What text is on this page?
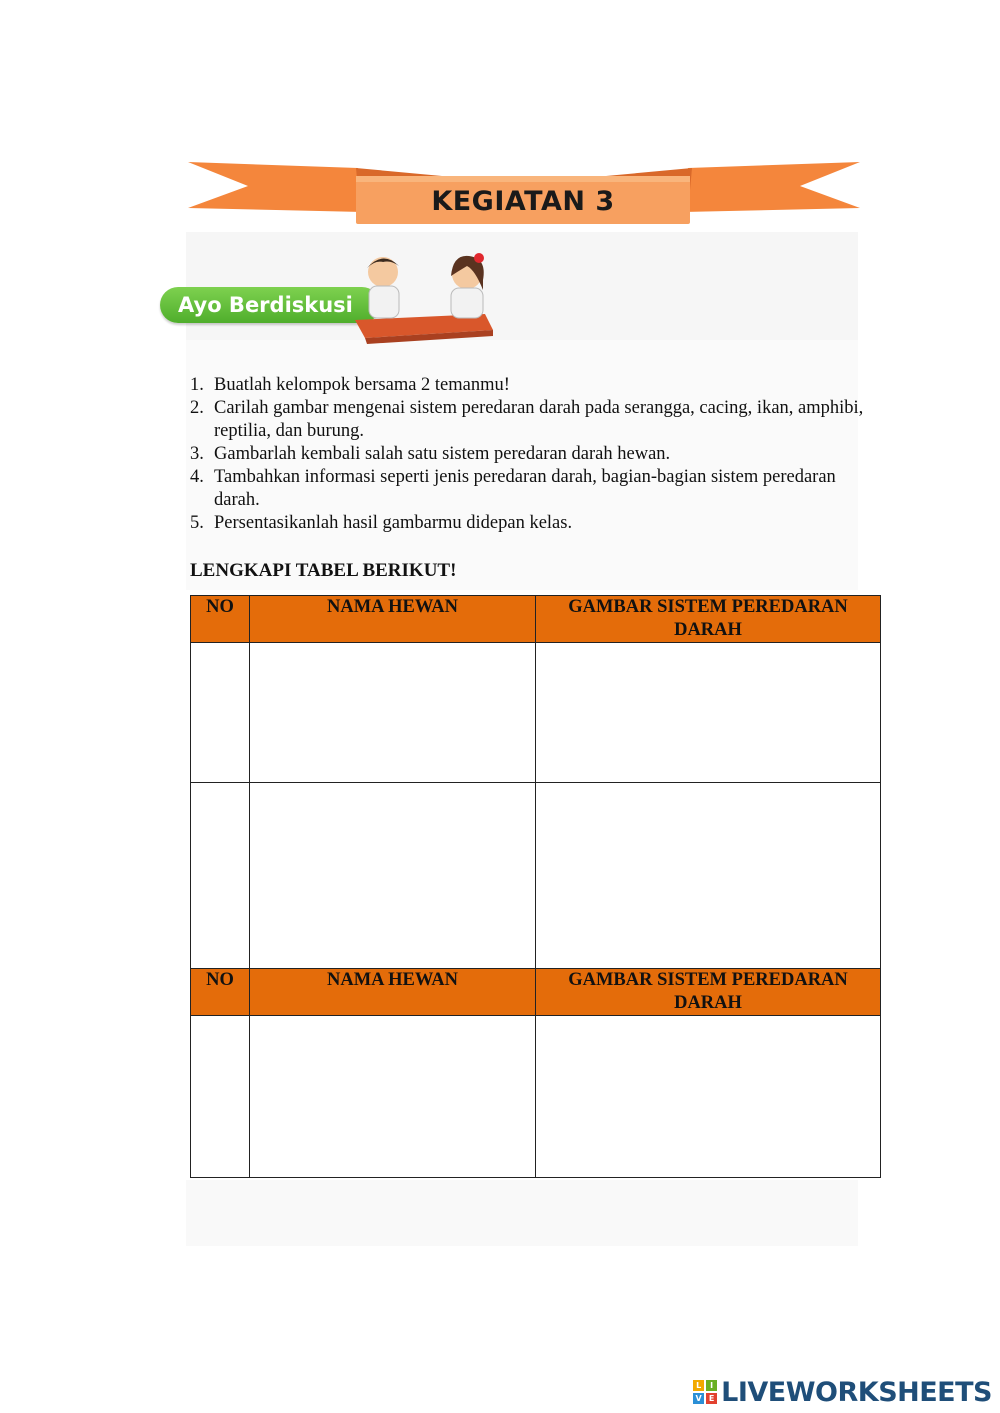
KEGIATAN 3
Ayo Berdiskusi
1. Buatlah kelompok bersama 2 temanmu!
2. Carilah gambar mengenai sistem peredaran darah pada serangga, cacing, ikan, amphibi, reptilia, dan burung.
3. Gambarlah kembali salah satu sistem peredaran darah hewan.
4. Tambahkan informasi seperti jenis peredaran darah, bagian-bagian sistem peredaran darah.
5. Persentasikanlah hasil gambarmu didepan kelas.
LENGKAPI TABEL BERIKUT!
NO	NAMA HEWAN	GAMBAR SISTEM PEREDARAN DARAH

NO	NAMA HEWAN	GAMBAR SISTEM PEREDARAN DARAH

L	I
V E LIVEWORKSHEETS
